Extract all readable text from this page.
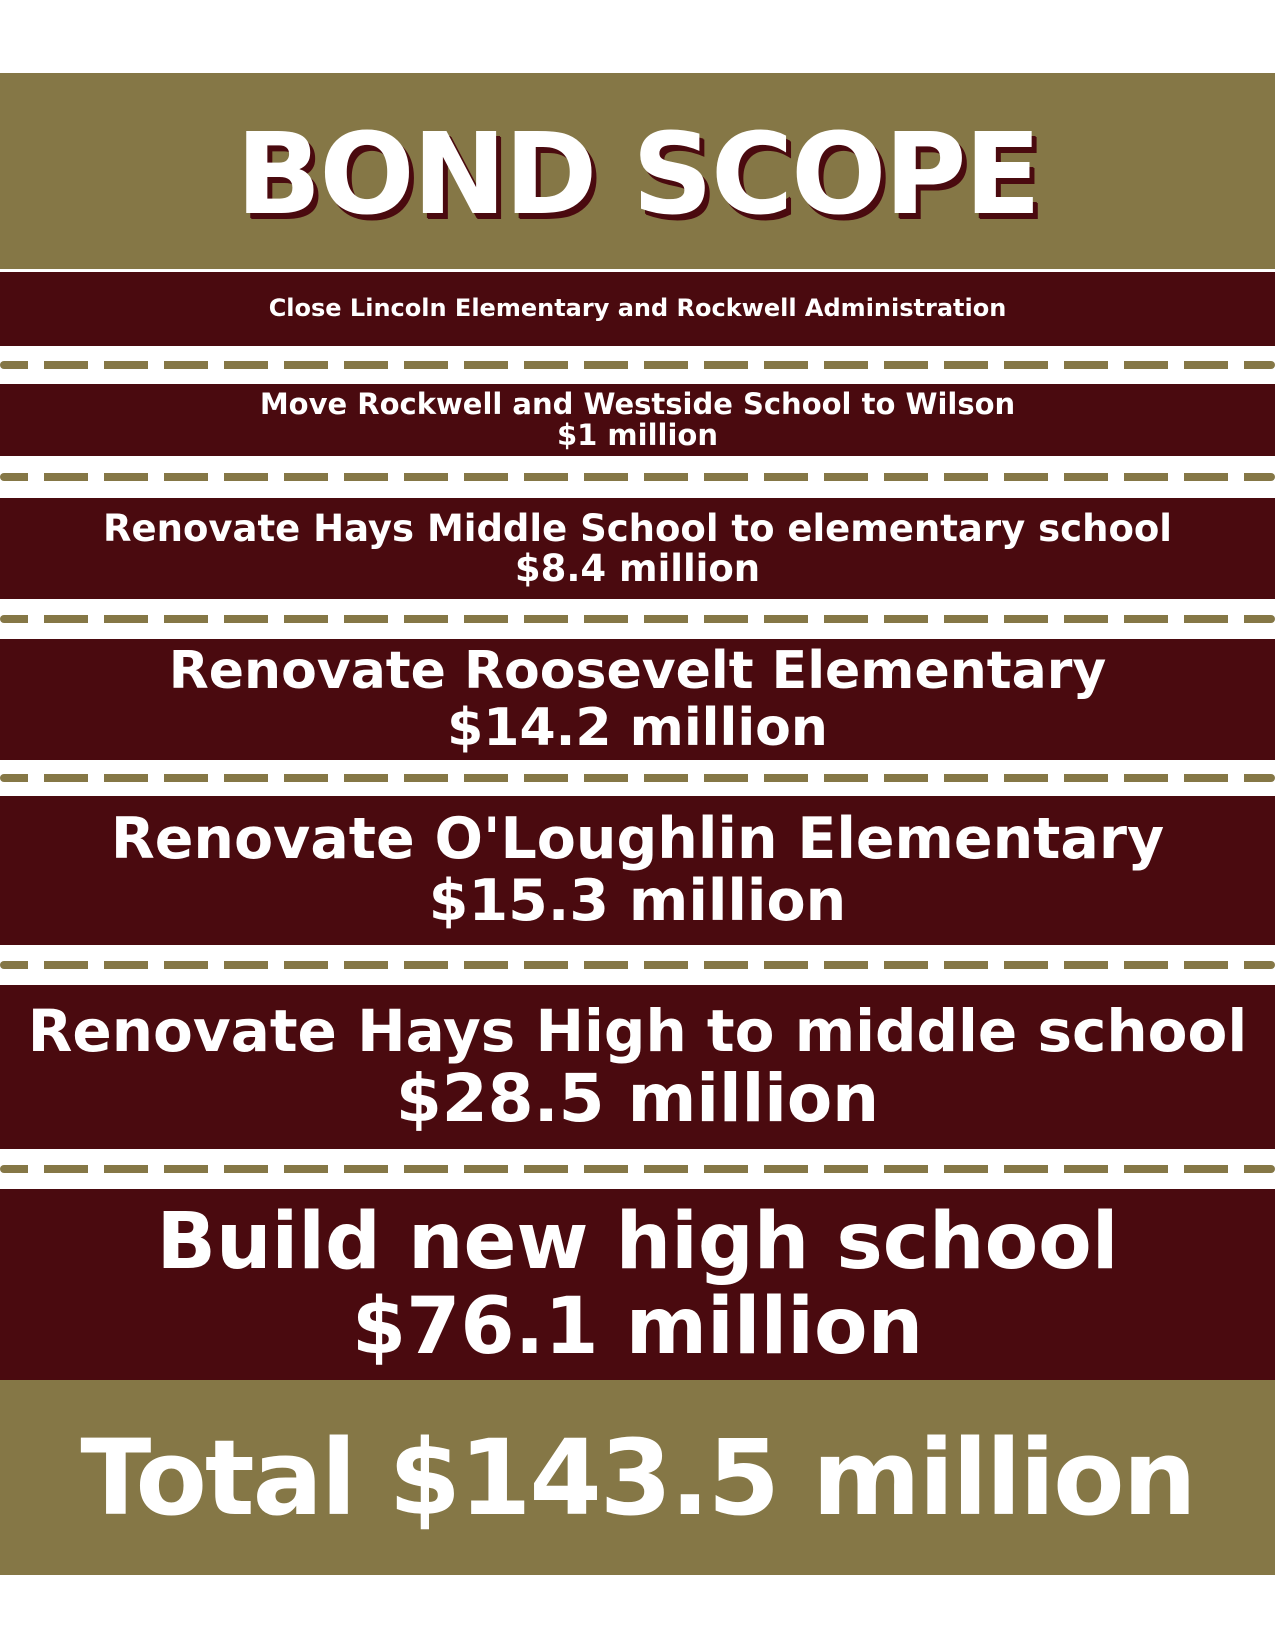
BOND SCOPE
Close Lincoln Elementary and Rockwell Administration
Move Rockwell and Westside School to Wilson
$1 million
Renovate Hays Middle School to elementary school
$8.4 million
Renovate Roosevelt Elementary
$14.2 million
Renovate O'Loughlin Elementary
$15.3 million
Renovate Hays High to middle school
$28.5 million
Build new high school
$76.1 million
Total $143.5 million
